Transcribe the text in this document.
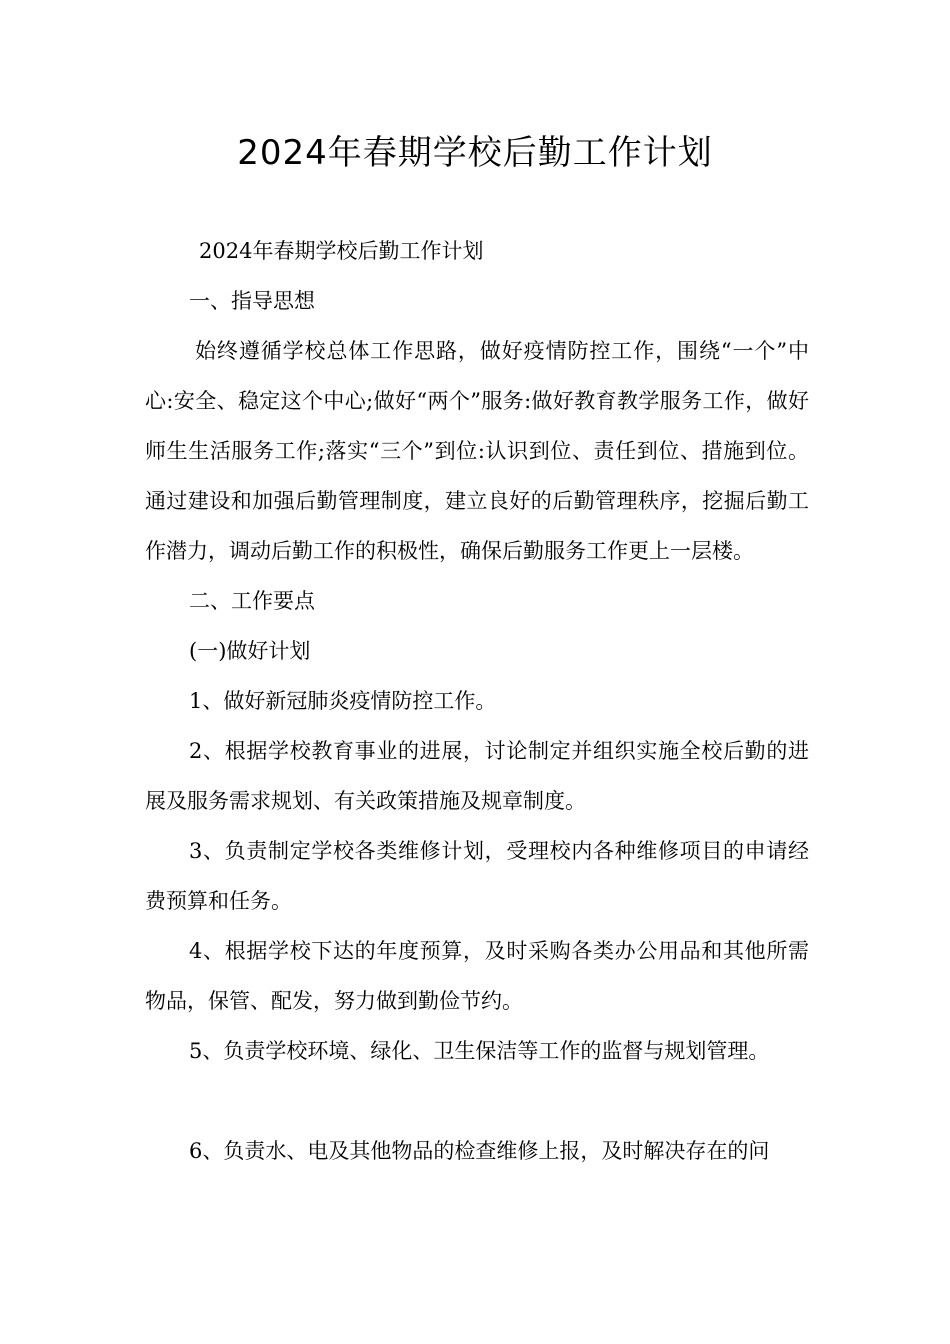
2024年春期学校后勤工作计划

2024年春期学校后勤工作计划

一、指导思想

始终遵循学校总体工作思路，做好疫情防控工作，围绕“一个”中心:安全、稳定这个中心;做好“两个”服务:做好教育教学服务工作，做好师生生活服务工作;落实“三个”到位:认识到位、责任到位、措施到位。通过建设和加强后勤管理制度，建立良好的后勤管理秩序，挖掘后勤工作潜力，调动后勤工作的积极性，确保后勤服务工作更上一层楼。

二、工作要点

(一)做好计划

1、做好新冠肺炎疫情防控工作。

2、根据学校教育事业的进展，讨论制定并组织实施全校后勤的进展及服务需求规划、有关政策措施及规章制度。

3、负责制定学校各类维修计划，受理校内各种维修项目的申请经费预算和任务。

4、根据学校下达的年度预算，及时采购各类办公用品和其他所需物品，保管、配发，努力做到勤俭节约。

5、负责学校环境、绿化、卫生保洁等工作的监督与规划管理。

6、负责水、电及其他物品的检查维修上报，及时解决存在的问
